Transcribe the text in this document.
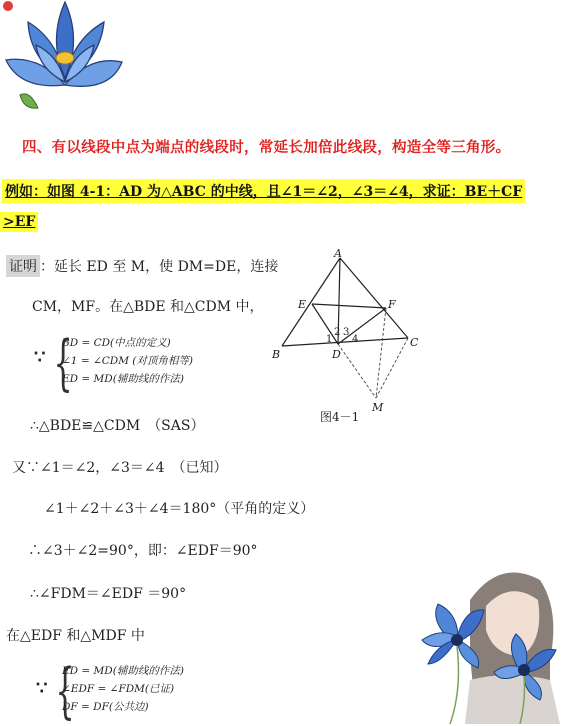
四、有以线段中点为端点的线段时，常延长加倍此线段，构造全等三角形。
例如：如图 4-1：AD 为△ABC 的中线，且∠1＝∠2，∠3＝∠4，求证：BE＋CF
>EF
证明 ：延长 ED 至 M，使 DM=DE，连接
CM，MF。在△BDE 和△CDM 中，
∵ {
BD = CD(中点的定义)
∠1 = ∠CDM (对顶角相等)
ED = MD(辅助线的作法)
∴△BDE≌△CDM　（SAS）
又∵∠1＝∠2，∠3＝∠4　（已知）
∠1＋∠2＋∠3＋∠4＝180°（平角的定义）
∴∠3＋∠2=90°，即：∠EDF＝90°
∴∠FDM＝∠EDF ＝90°
在△EDF 和△MDF 中
∵ {
ED = MD(辅助线的作法)
∠EDF = ∠FDM(已证)
DF = DF(公共边)
A
E	F
B	D
C
M
1
2 3
4
图4－1
